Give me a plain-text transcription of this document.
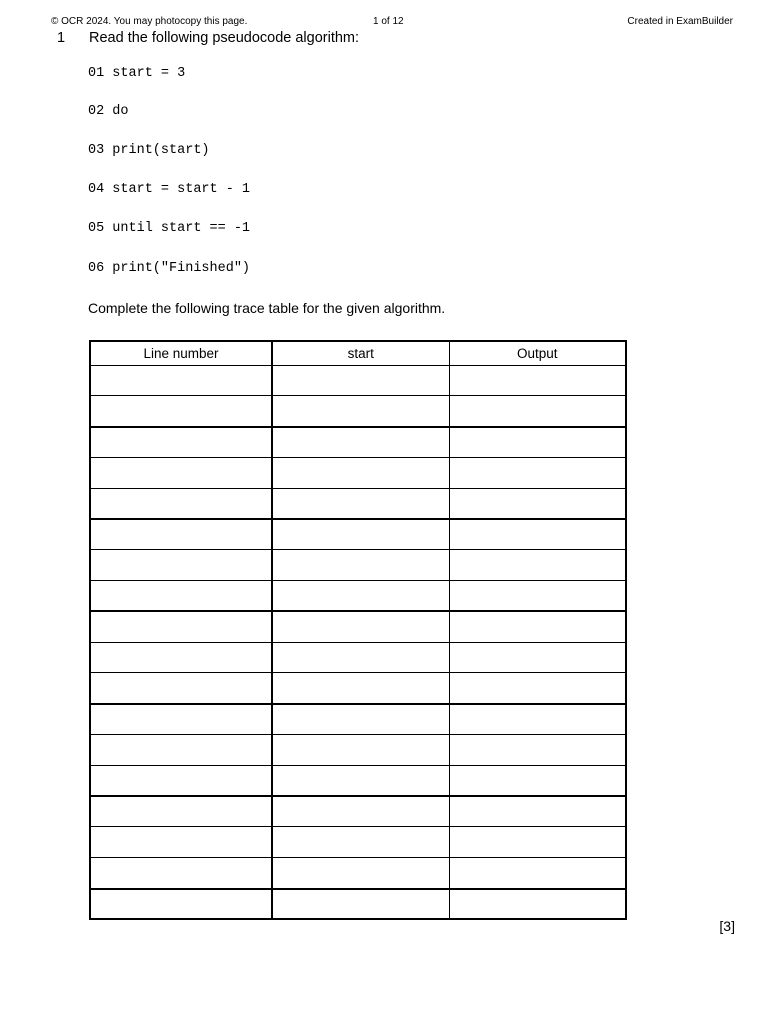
© OCR 2024. You may photocopy this page.	1 of 12	Created in ExamBuilder
1 Read the following pseudocode algorithm:
01 start = 3
02 do
03 print(start)
04 start = start - 1
05 until start == -1
06 print("Finished")
Complete the following trace table for the given algorithm.
Line number	start	Output

[3]
